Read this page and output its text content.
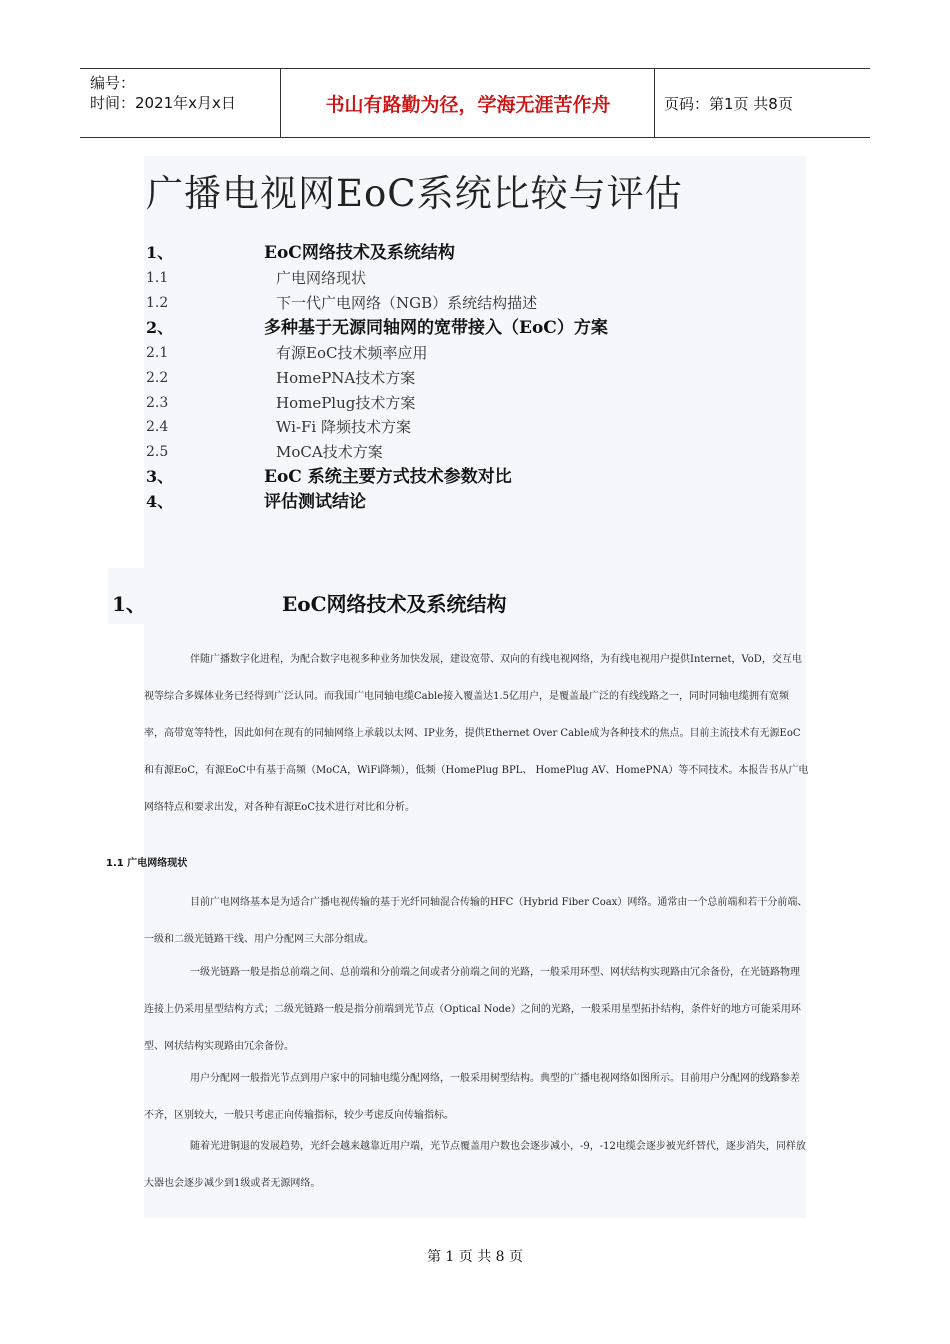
编号：
时间：2021年x月x日	书山有路勤为径，学海无涯苦作舟	页码：第1页 共8页
广播电视网EoC系统比较与评估
1、	EoC网络技术及系统结构
1.1	广电网络现状
1.2	下一代广电网络（NGB）系统结构描述
2、	多种基于无源同轴网的宽带接入（EoC）方案
2.1	有源EoC技术频率应用
2.2	HomePNA技术方案
2.3	HomePlug技术方案
2.4	Wi-Fi 降频技术方案
2.5	MoCA技术方案
3、	EoC 系统主要方式技术参数对比
4、	评估测试结论
1、	EoC网络技术及系统结构

伴随广播数字化进程，为配合数字电视多种业务加快发展，建设宽带、双向的有线电视网络，为有线电视用户提供Internet，VoD，交互电视等综合多媒体业务已经得到广泛认同。而我国广电同轴电缆Cable接入覆盖达1.5亿用户，是覆盖最广泛的有线线路之一，同时同轴电缆拥有宽频率，高带宽等特性，因此如何在现有的同轴网络上承载以太网、IP业务，提供Ethernet Over Cable成为各种技术的焦点。目前主流技术有无源EoC和有源EoC，有源EoC中有基于高频（MoCA，WiFi降频），低频（HomePlug BPL、 HomePlug AV、HomePNA）等不同技术。本报告书从广电网络特点和要求出发，对各种有源EoC技术进行对比和分析。

1.1 广电网络现状

目前广电网络基本是为适合广播电视传输的基于光纤同轴混合传输的HFC（Hybrid Fiber Coax）网络。通常由一个总前端和若干分前端、一级和二级光链路干线、用户分配网三大部分组成。

一级光链路一般是指总前端之间、总前端和分前端之间或者分前端之间的光路，一般采用环型、网状结构实现路由冗余备份，在光链路物理连接上仍采用星型结构方式；二级光链路一般是指分前端到光节点（Optical Node）之间的光路，一般采用星型拓扑结构，条件好的地方可能采用环型、网状结构实现路由冗余备份。

用户分配网一般指光节点到用户家中的同轴电缆分配网络，一般采用树型结构。典型的广播电视网络如图所示。目前用户分配网的线路参差不齐，区别较大，一般只考虑正向传输指标，较少考虑反向传输指标。

随着光进铜退的发展趋势，光纤会越来越靠近用户端，光节点覆盖用户数也会逐步减小，-9，-12电缆会逐步被光纤替代，逐步消失，同样放大器也会逐步减少到1级或者无源网络。

第 1 页 共 8 页
